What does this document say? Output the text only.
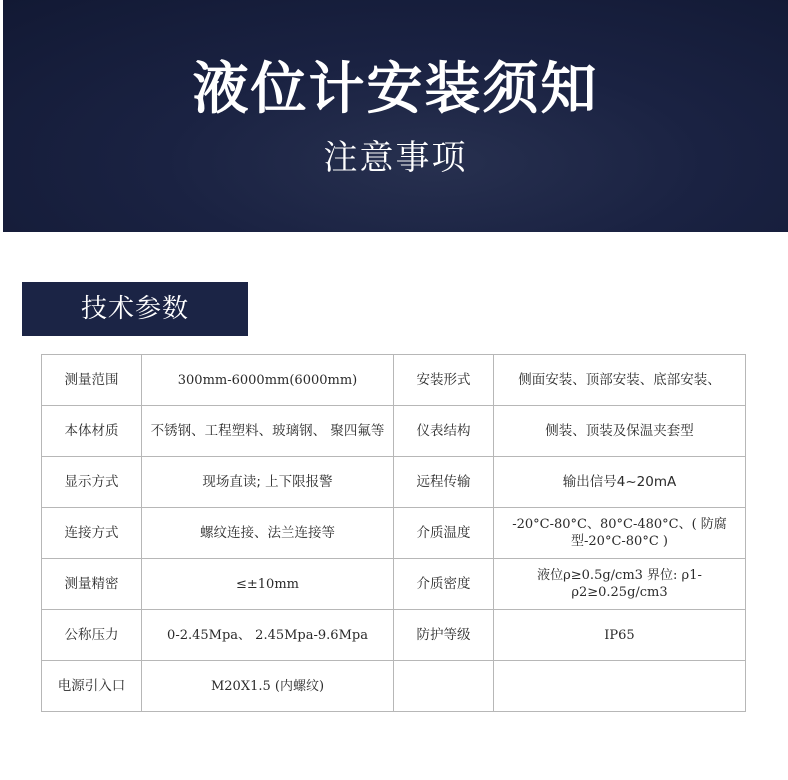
液位计安装须知
注意事项
技术参数
测量范围	300mm-6000mm(6000mm)	安装形式	侧面安装、顶部安装、底部安装、
本体材质	不锈钢、工程塑料、玻璃钢、 聚四氟等	仪表结构	侧装、顶装及保温夹套型
显示方式	现场直读; 上下限报警	远程传输	输出信号4~20mA
连接方式	螺纹连接、法兰连接等	介质温度	-20°C-80°C、80°C-480°C、( 防腐型-20°C-80°C )
测量精密	≤±10mm	介质密度	液位ρ≥0.5g/cm3 界位: ρ1-ρ2≥0.25g/cm3
公称压力	0-2.45Mpa、 2.45Mpa-9.6Mpa	防护等级	IP65
电源引入口	M20X1.5 (内螺纹)		
